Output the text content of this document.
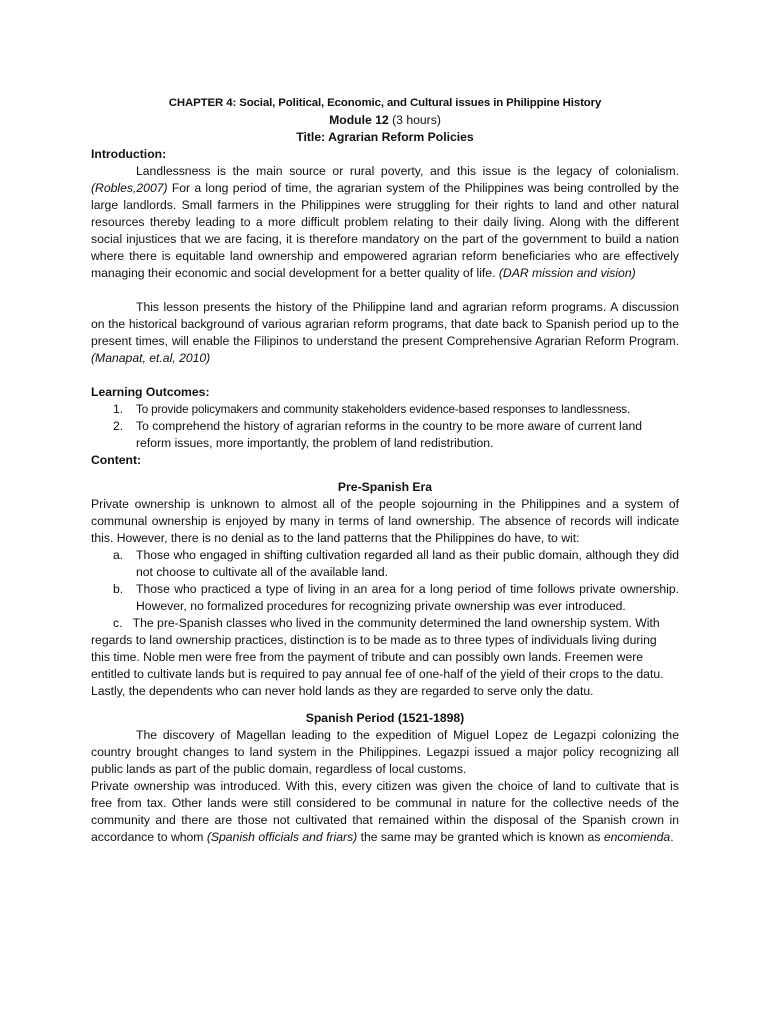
CHAPTER 4: Social, Political, Economic, and Cultural issues in Philippine History
Module 12 (3 hours)
Title: Agrarian Reform Policies
Introduction:

Landlessness is the main source or rural poverty, and this issue is the legacy of colonialism. (Robles,2007) For a long period of time, the agrarian system of the Philippines was being controlled by the large landlords. Small farmers in the Philippines were struggling for their rights to land and other natural resources thereby leading to a more difficult problem relating to their daily living. Along with the different social injustices that we are facing, it is therefore mandatory on the part of the government to build a nation where there is equitable land ownership and empowered agrarian reform beneficiaries who are effectively managing their economic and social development for a better quality of life. (DAR mission and vision)

This lesson presents the history of the Philippine land and agrarian reform programs. A discussion on the historical background of various agrarian reform programs, that date back to Spanish period up to the present times, will enable the Filipinos to understand the present Comprehensive Agrarian Reform Program. (Manapat, et.al, 2010)

Learning Outcomes:
1. To provide policymakers and community stakeholders evidence-based responses to landlessness.
2. To comprehend the history of agrarian reforms in the country to be more aware of current land reform issues, more importantly, the problem of land redistribution.
Content:
Pre-Spanish Era

Private ownership is unknown to almost all of the people sojourning in the Philippines and a system of communal ownership is enjoyed by many in terms of land ownership. The absence of records will indicate this. However, there is no denial as to the land patterns that the Philippines do have, to wit:

a. Those who engaged in shifting cultivation regarded all land as their public domain, although they did not choose to cultivate all of the available land.
b. Those who practiced a type of living in an area for a long period of time follows private ownership. However, no formalized procedures for recognizing private ownership was ever introduced.

c. The pre-Spanish classes who lived in the community determined the land ownership system. With regards to land ownership practices, distinction is to be made as to three types of individuals living during this time. Noble men were free from the payment of tribute and can possibly own lands. Freemen were entitled to cultivate lands but is required to pay annual fee of one-half of the yield of their crops to the datu. Lastly, the dependents who can never hold lands as they are regarded to serve only the datu.

Spanish Period (1521-1898)

The discovery of Magellan leading to the expedition of Miguel Lopez de Legazpi colonizing the country brought changes to land system in the Philippines. Legazpi issued a major policy recognizing all public lands as part of the public domain, regardless of local customs.

Private ownership was introduced. With this, every citizen was given the choice of land to cultivate that is free from tax. Other lands were still considered to be communal in nature for the collective needs of the community and there are those not cultivated that remained within the disposal of the Spanish crown in accordance to whom (Spanish officials and friars) the same may be granted which is known as encomienda.
